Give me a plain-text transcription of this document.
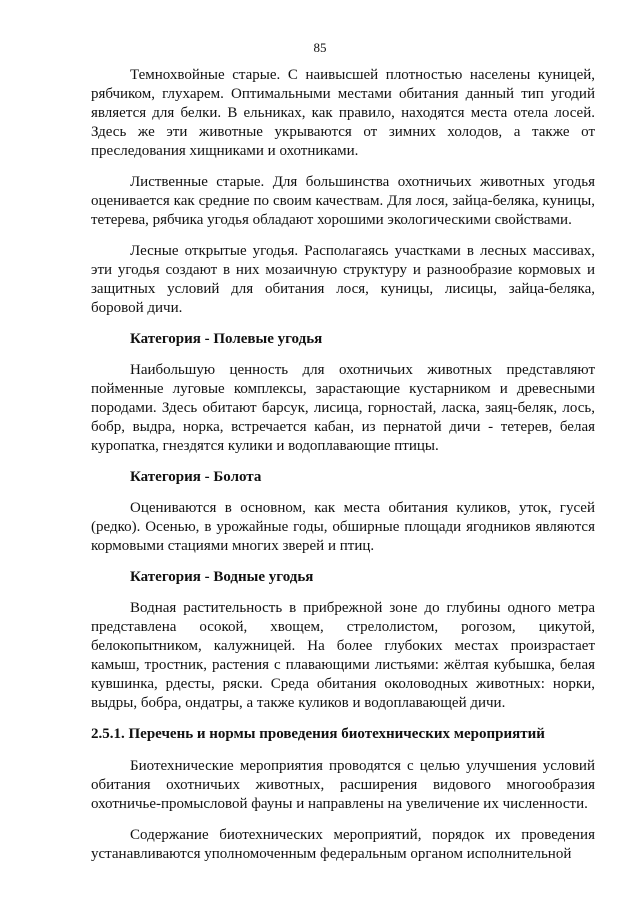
85

Темнохвойные старые. С наивысшей плотностью населены куницей, рябчиком, глухарем. Оптимальными местами обитания данный тип угодий является для белки. В ельниках, как правило, находятся места отела лосей. Здесь же эти животные укрываются от зимних холодов, а также от преследования хищниками и охотниками.

Лиственные старые. Для большинства охотничьих животных угодья оценивается как средние по своим качествам. Для лося, зайца-беляка, куницы, тетерева, рябчика угодья обладают хорошими экологическими свойствами.

Лесные открытые угодья. Располагаясь участками в лесных массивах, эти угодья создают в них мозаичную структуру и разнообразие кормовых и защитных условий для обитания лося, куницы, лисицы, зайца-беляка, боровой дичи.

Категория - Полевые угодья

Наибольшую ценность для охотничьих животных представляют пойменные луговые комплексы, зарастающие кустарником и древесными породами. Здесь обитают барсук, лисица, горностай, ласка, заяц-беляк, лось, бобр, выдра, норка, встречается кабан, из пернатой дичи - тетерев, белая куропатка, гнездятся кулики и водоплавающие птицы.

Категория - Болота

Оцениваются в основном, как места обитания куликов, уток, гусей (редко). Осенью, в урожайные годы, обширные площади ягодников являются кормовыми стациями многих зверей и птиц.

Категория - Водные угодья

Водная растительность в прибрежной зоне до глубины одного метра представлена осокой, хвощем, стрелолистом, рогозом, цикутой, белокопытником, калужницей. На более глубоких местах произрастает камыш, тростник, растения с плавающими листьями: жёлтая кубышка, белая кувшинка, рдесты, ряски. Среда обитания околоводных животных: норки, выдры, бобра, ондатры, а также куликов и водоплавающей дичи.

2.5.1. Перечень и нормы проведения биотехнических мероприятий

Биотехнические мероприятия проводятся с целью улучшения условий обитания охотничьих животных, расширения видового многообразия охотничье-промысловой фауны и направлены на увеличение их численности.

Содержание биотехнических мероприятий, порядок их проведения устанавливаются уполномоченным федеральным органом исполнительной
